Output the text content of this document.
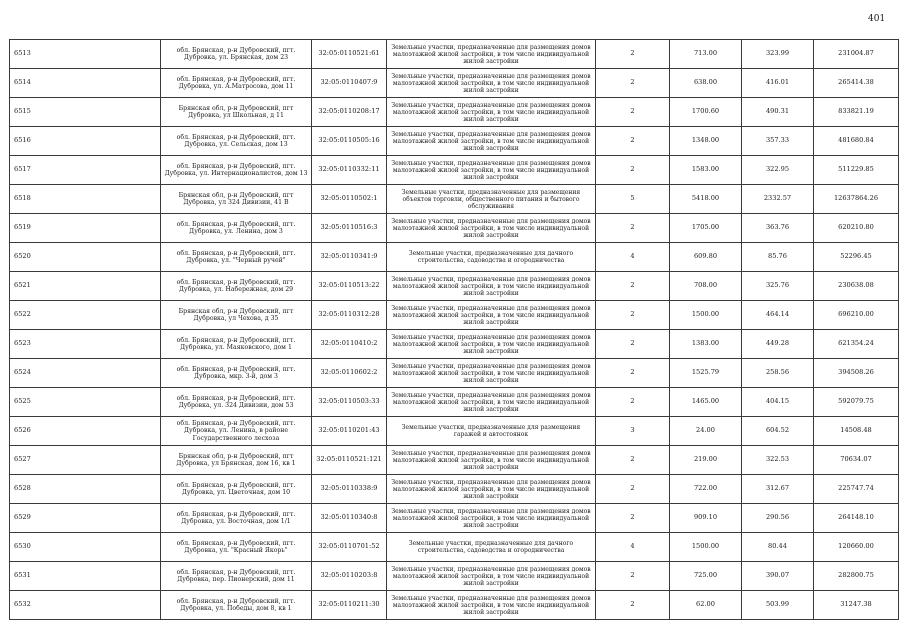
401
6513	обл. Брянская, р-н Дубровский, пгт. Дубровка, ул. Брянская, дом 23	32:05:0110521:61	Земельные участки, предназначенные для размещения домов малоэтажной жилой застройки, в том числе индивидуальной жилой застройки	2	713.00	323.99	231004.87
6514	обл. Брянская, р-н Дубровский, пгт. Дубровка, ул. А.Матросова, дом 11	32:05:0110407:9	Земельные участки, предназначенные для размещения домов малоэтажной жилой застройки, в том числе индивидуальной жилой застройки	2	638.00	416.01	265414.38
6515	Брянская обл, р-н Дубровский, пгт Дубровка, ул Школьная, д 11	32:05:0110208:17	Земельные участки, предназначенные для размещения домов малоэтажной жилой застройки, в том числе индивидуальной жилой застройки	2	1700.60	490.31	833821.19
6516	обл. Брянская, р-н Дубровский, пгт. Дубровка, ул. Сельская, дом 13	32:05:0110505:16	Земельные участки, предназначенные для размещения домов малоэтажной жилой застройки, в том числе индивидуальной жилой застройки	2	1348.00	357.33	481680.84
6517	обл. Брянская, р-н Дубровский, пгт. Дубровка, ул. Интернационалистов, дом 13	32:05:0110332:11	Земельные участки, предназначенные для размещения домов малоэтажной жилой застройки, в том числе индивидуальной жилой застройки	2	1583.00	322.95	511229.85
6518	Брянская обл, р-н Дубровский, пгт Дубровка, ул 324 Дивизии, 41 В	32:05:0110502:1	Земельные участки, предназначенные для размещения объектов торговли, общественного питания и бытового обслуживания	5	5418.00	2332.57	12637864.26
6519	обл. Брянская, р-н Дубровский, пгт. Дубровка, ул. Ленина, дом 3	32:05:0110516:3	Земельные участки, предназначенные для размещения домов малоэтажной жилой застройки, в том числе индивидуальной жилой застройки	2	1705.00	363.76	620210.80
6520	обл. Брянская, р-н Дубровский, пгт. Дубровка, ул. "Черный ручей"	32:05:0110341:9	Земельные участки, предназначенные для дачного строительства, садоводства и огородничества	4	609.80	85.76	52296.45
6521	обл. Брянская, р-н Дубровский, пгт. Дубровка, ул. Набережная, дом 29	32:05:0110513:22	Земельные участки, предназначенные для размещения домов малоэтажной жилой застройки, в том числе индивидуальной жилой застройки	2	708.00	325.76	230638.08
6522	Брянская обл, р-н Дубровский, пгт Дубровка, ул Чехова, д 35	32:05:0110312:28	Земельные участки, предназначенные для размещения домов малоэтажной жилой застройки, в том числе индивидуальной жилой застройки	2	1500.00	464.14	696210.00
6523	обл. Брянская, р-н Дубровский, пгт. Дубровка, ул. Маяковского, дом 1	32:05:0110410:2	Земельные участки, предназначенные для размещения домов малоэтажной жилой застройки, в том числе индивидуальной жилой застройки	2	1383.00	449.28	621354.24
6524	обл. Брянская, р-н Дубровский, пгт. Дубровка, мкр. 3-й, дом 3	32:05:0110602:2	Земельные участки, предназначенные для размещения домов малоэтажной жилой застройки, в том числе индивидуальной жилой застройки	2	1525.79	258.56	394508.26
6525	обл. Брянская, р-н Дубровский, пгт. Дубровка, ул. 324 Дивизии, дом 53	32:05:0110503:33	Земельные участки, предназначенные для размещения домов малоэтажной жилой застройки, в том числе индивидуальной жилой застройки	2	1465.00	404.15	592079.75
6526	обл. Брянская, р-н Дубровский, пгт. Дубровка, ул. Ленина, в районе Государственного лесхоза	32:05:0110201:43	Земельные участки, предназначенные для размещения гаражей и автостоянок	3	24.00	604.52	14508.48
6527	Брянская обл, р-н Дубровский, пгт Дубровка, ул Брянская, дом 16, кв 1	32:05:0110521:121	Земельные участки, предназначенные для размещения домов малоэтажной жилой застройки, в том числе индивидуальной жилой застройки	2	219.00	322.53	70634.07
6528	обл. Брянская, р-н Дубровский, пгт. Дубровка, ул. Цветочная, дом 10	32:05:0110338:9	Земельные участки, предназначенные для размещения домов малоэтажной жилой застройки, в том числе индивидуальной жилой застройки	2	722.00	312.67	225747.74
6529	обл. Брянская, р-н Дубровский, пгт. Дубровка, ул. Восточная, дом 1/1	32:05:0110340:8	Земельные участки, предназначенные для размещения домов малоэтажной жилой застройки, в том числе индивидуальной жилой застройки	2	909.10	290.56	264148.10
6530	обл. Брянская, р-н Дубровский, пгт. Дубровка, ул. "Красный Якорь"	32:05:0110701:52	Земельные участки, предназначенные для дачного строительства, садоводства и огородничества	4	1500.00	80.44	120660.00
6531	обл. Брянская, р-н Дубровский, пгт. Дубровка, пер. Пионерский, дом 11	32:05:0110203:8	Земельные участки, предназначенные для размещения домов малоэтажной жилой застройки, в том числе индивидуальной жилой застройки	2	725.00	390.07	282800.75
6532	обл. Брянская, р-н Дубровский, пгт. Дубровка, ул. Победы, дом 8, кв 1	32:05:0110211:30	Земельные участки, предназначенные для размещения домов малоэтажной жилой застройки, в том числе индивидуальной жилой застройки	2	62.00	503.99	31247.38
